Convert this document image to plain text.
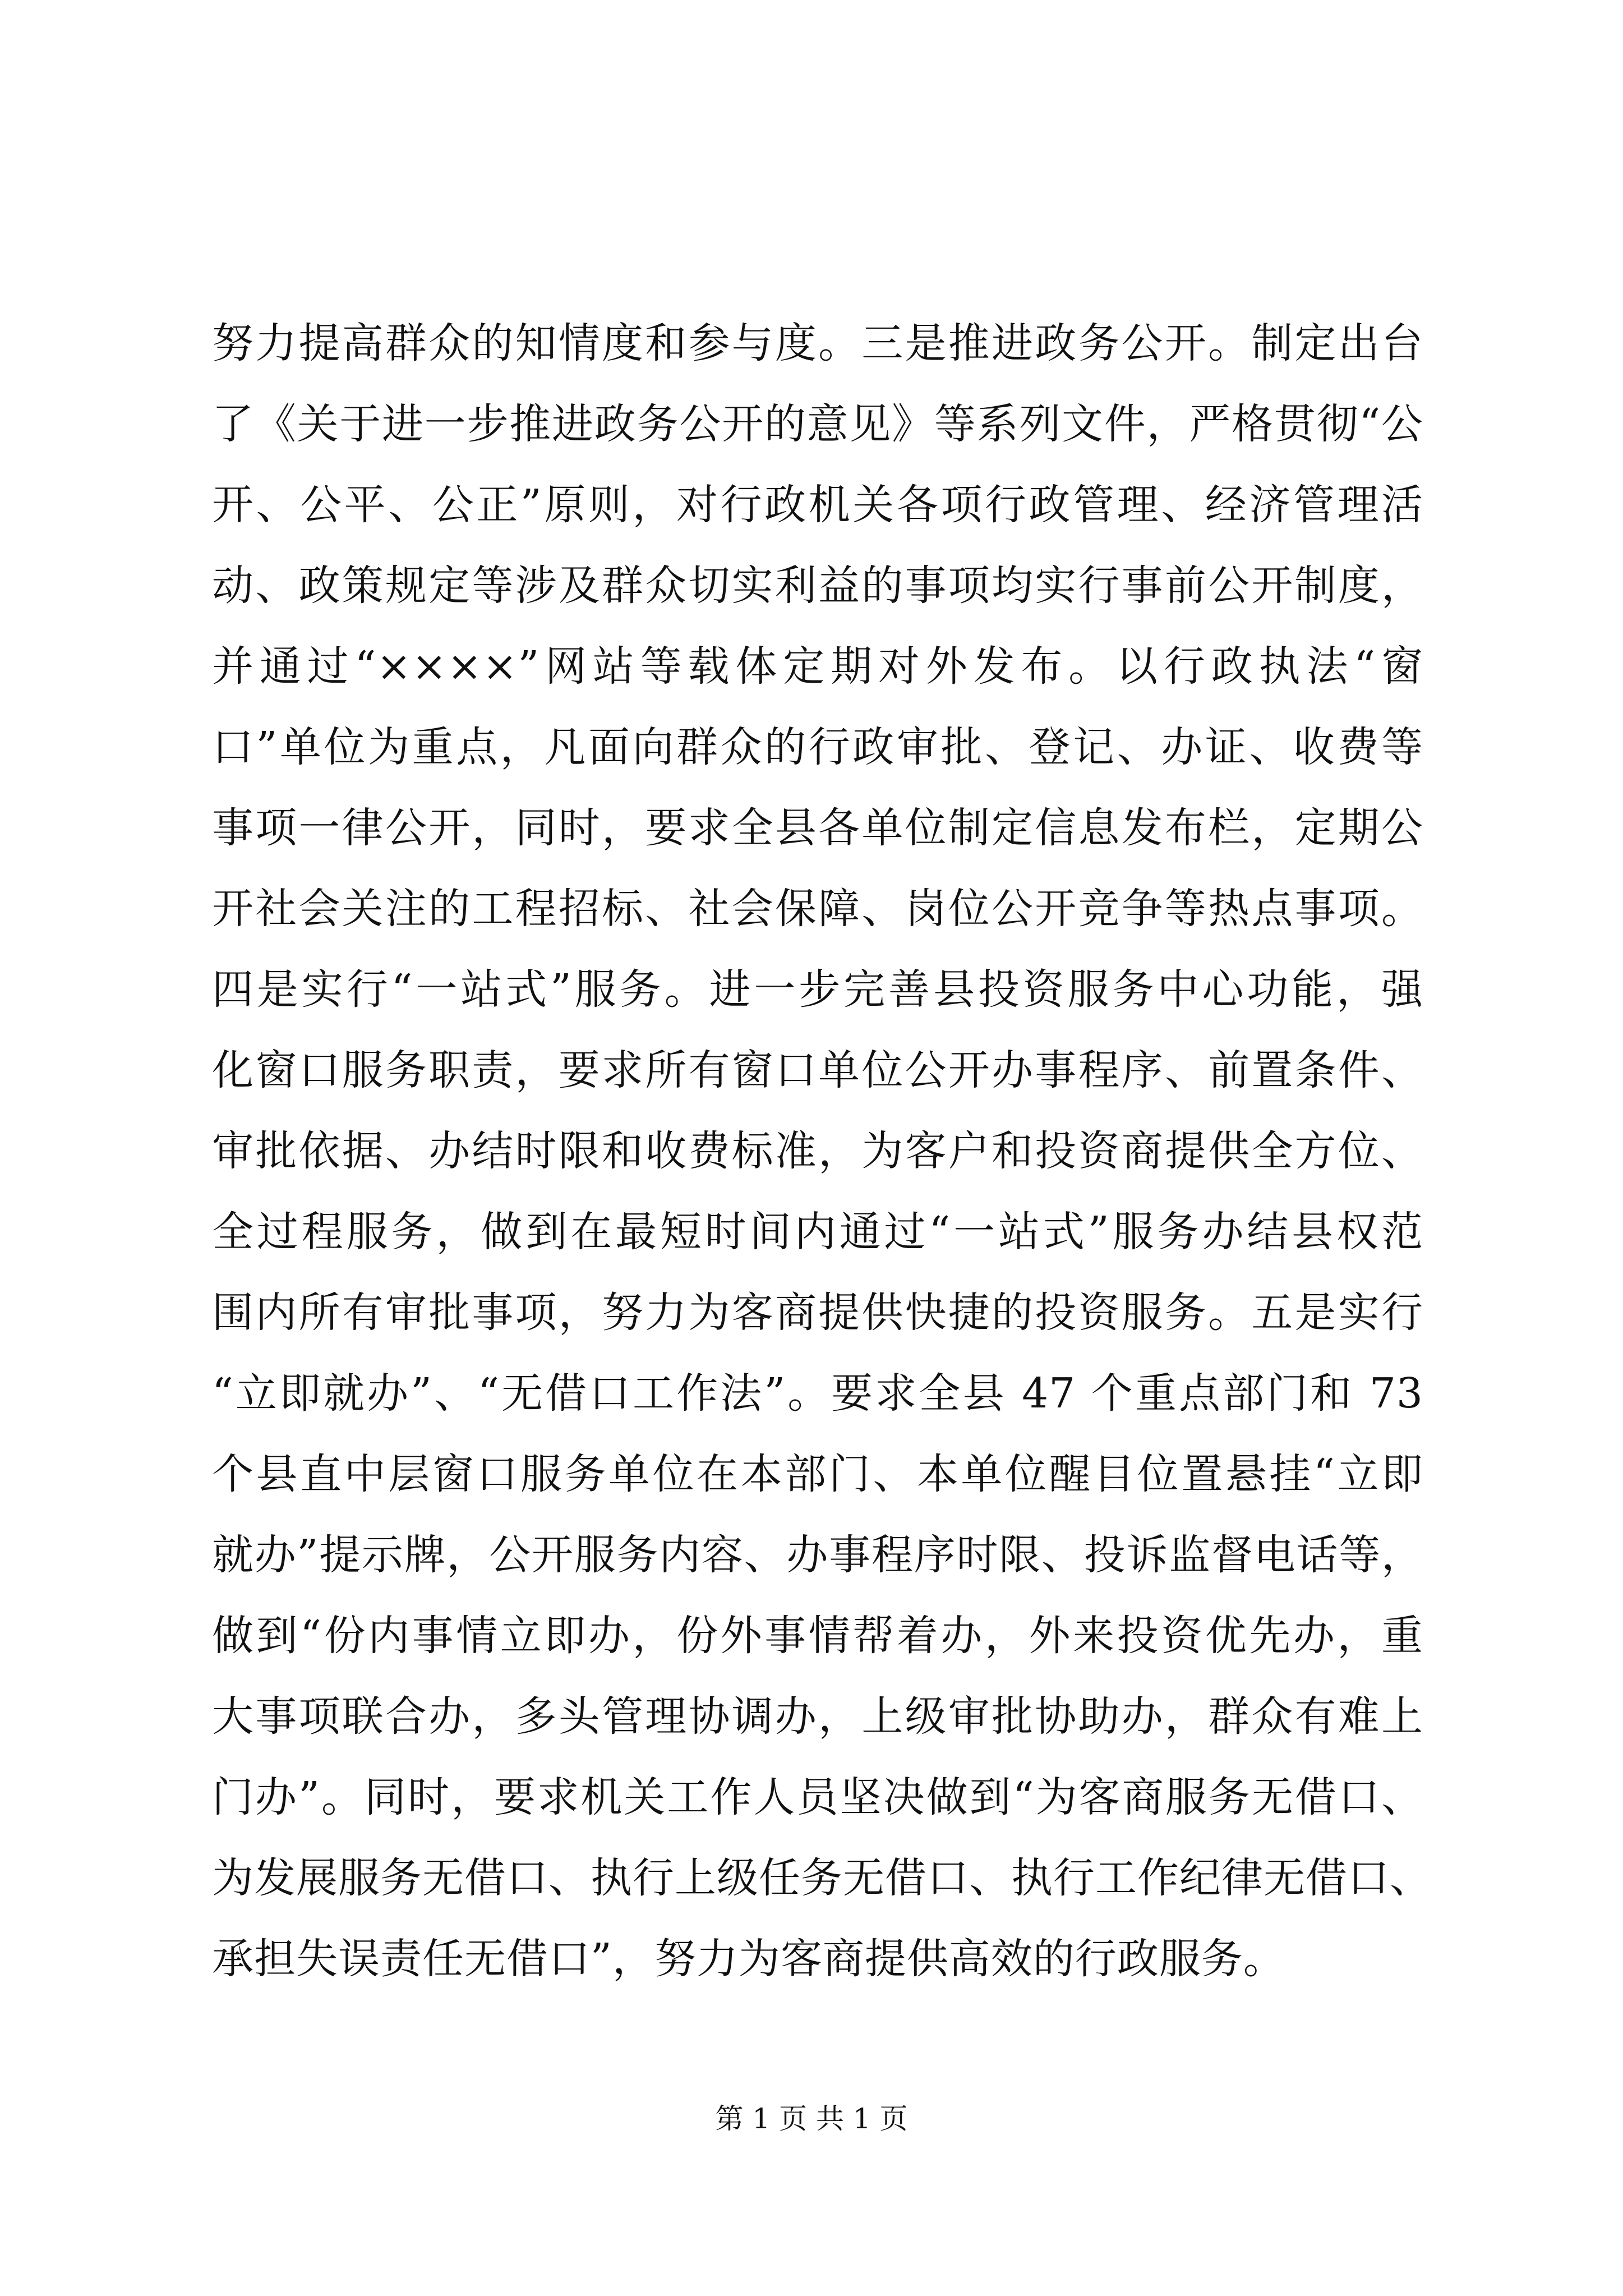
努力提高群众的知情度和参与度。三是推进政务公开。制定出台
了《关于进一步推进政务公开的意见》等系列文件，严格贯彻“公
开、公平、公正”原则，对行政机关各项行政管理、经济管理活
动、政策规定等涉及群众切实利益的事项均实行事前公开制度，
并通过“××××”网站等载体定期对外发布。以行政执法“窗
口”单位为重点，凡面向群众的行政审批、登记、办证、收费等
事项一律公开，同时，要求全县各单位制定信息发布栏，定期公
开社会关注的工程招标、社会保障、岗位公开竞争等热点事项。
四是实行“一站式”服务。进一步完善县投资服务中心功能，强
化窗口服务职责，要求所有窗口单位公开办事程序、前置条件、
审批依据、办结时限和收费标准，为客户和投资商提供全方位、
全过程服务，做到在最短时间内通过“一站式”服务办结县权范
围内所有审批事项，努力为客商提供快捷的投资服务。五是实行
“立即就办”、“无借口工作法”。要求全县 47 个重点部门和 73
个县直中层窗口服务单位在本部门、本单位醒目位置悬挂“立即
就办”提示牌，公开服务内容、办事程序时限、投诉监督电话等，
做到“份内事情立即办，份外事情帮着办，外来投资优先办，重
大事项联合办，多头管理协调办，上级审批协助办，群众有难上
门办”。同时，要求机关工作人员坚决做到“为客商服务无借口、
为发展服务无借口、执行上级任务无借口、执行工作纪律无借口、
承担失误责任无借口”，努力为客商提供高效的行政服务。
第 1 页 共 1 页
